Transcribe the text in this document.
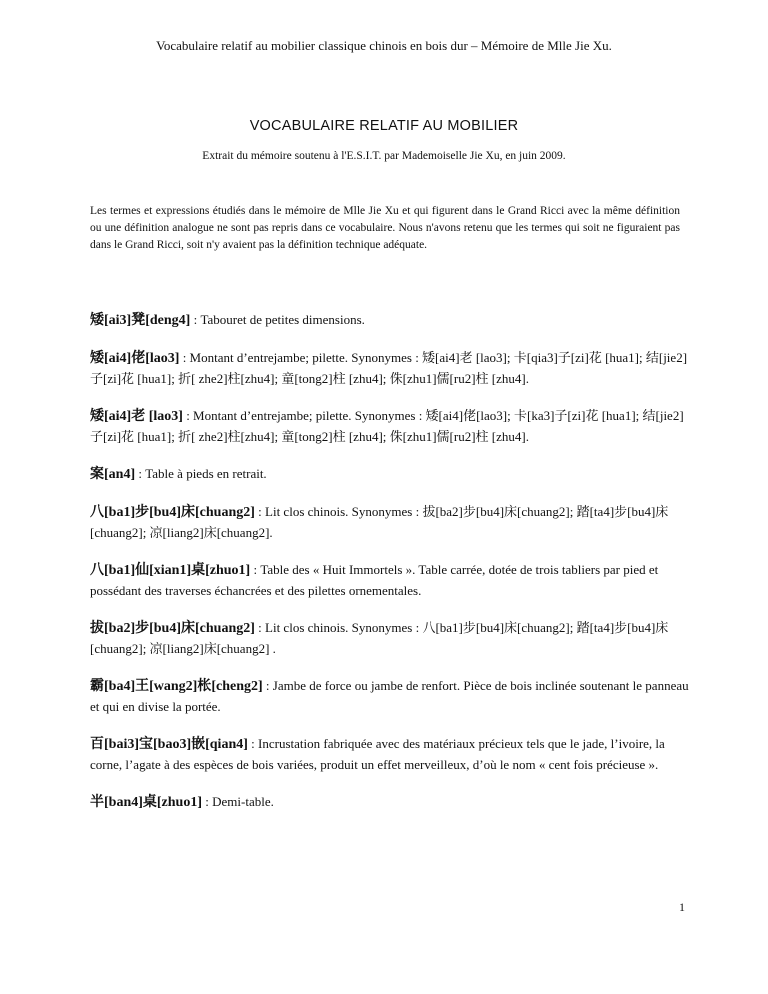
Vocabulaire relatif au mobilier classique chinois en bois dur – Mémoire de Mlle Jie Xu.
VOCABULAIRE RELATIF AU MOBILIER
Extrait du mémoire soutenu à l'E.S.I.T. par Mademoiselle Jie Xu, en juin 2009.

Les termes et expressions étudiés dans le mémoire de Mlle Jie Xu et qui figurent dans le Grand Ricci avec la même définition ou une définition analogue ne sont pas repris dans ce vocabulaire. Nous n'avons retenu que les termes qui soit ne figuraient pas dans le Grand Ricci, soit n'y avaient pas la définition technique adéquate.

矮[ai3]凳[deng4] : Tabouret de petites dimensions.

矮[ai4]佬[lao3] : Montant d’entrejambe; pilette. Synonymes : 矮[ai4]老 [lao3]; 卡[qia3]子[zi]花 [hua1]; 结[jie2]子[zi]花 [hua1]; 折[ zhe2]柱[zhu4]; 童[tong2]柱 [zhu4]; 侏[zhu1]儒[ru2]柱 [zhu4].

矮[ai4]老 [lao3] : Montant d’entrejambe; pilette. Synonymes : 矮[ai4]佬[lao3]; 卡[ka3]子[zi]花 [hua1]; 结[jie2]子[zi]花 [hua1]; 折[ zhe2]柱[zhu4]; 童[tong2]柱 [zhu4]; 侏[zhu1]儒[ru2]柱 [zhu4].

案[an4] : Table à pieds en retrait.

八[ba1]步[bu4]床[chuang2] : Lit clos chinois. Synonymes : 拔[ba2]步[bu4]床[chuang2]; 踏[ta4]步[bu4]床[chuang2]; 凉[liang2]床[chuang2].

八[ba1]仙[xian1]桌[zhuo1] : Table des « Huit Immortels ». Table carrée, dotée de trois tabliers par pied et possédant des traverses échancrées et des pilettes ornementales.

拔[ba2]步[bu4]床[chuang2] : Lit clos chinois. Synonymes : 八[ba1]步[bu4]床[chuang2]; 踏[ta4]步[bu4]床[chuang2]; 凉[liang2]床[chuang2] .

霸[ba4]王[wang2]枨[cheng2] : Jambe de force ou jambe de renfort. Pièce de bois inclinée soutenant le panneau et qui en divise la portée.

百[bai3]宝[bao3]嵌[qian4] : Incrustation fabriquée avec des matériaux précieux tels que le jade, l’ivoire, la corne, l’agate à des espèces de bois variées, produit un effet merveilleux, d’où le nom « cent fois précieuse ».

半[ban4]桌[zhuo1] : Demi-table.

1
